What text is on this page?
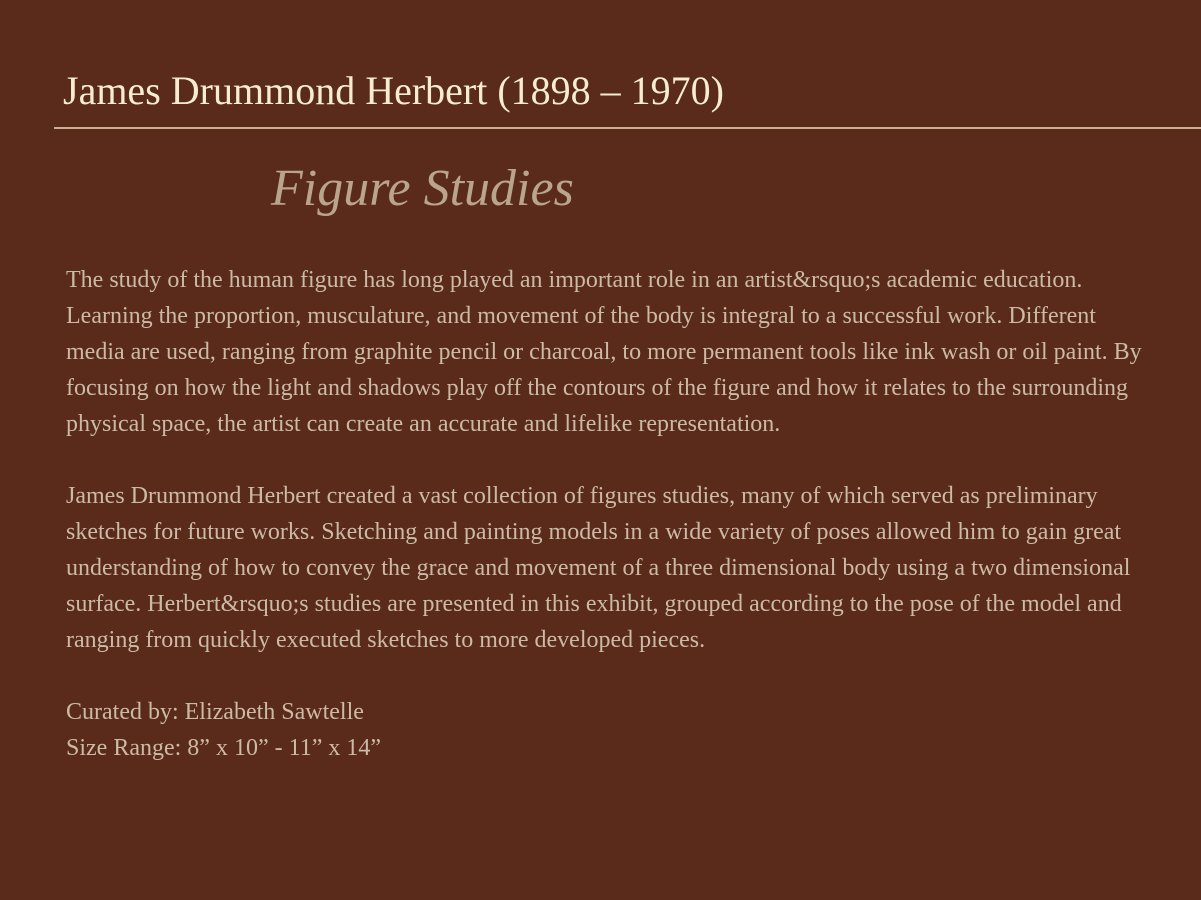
James Drummond Herbert (1898 – 1970)
Figure Studies

The study of the human figure has long played an important role in an artist&rsquo;s academic education. Learning the proportion, musculature, and movement of the body is integral to a successful work. Different media are used, ranging from graphite pencil or charcoal, to more permanent tools like ink wash or oil paint. By focusing on how the light and shadows play off the contours of the figure and how it relates to the surrounding physical space, the artist can create an accurate and lifelike representation.

James Drummond Herbert created a vast collection of figures studies, many of which served as preliminary sketches for future works. Sketching and painting models in a wide variety of poses allowed him to gain great understanding of how to convey the grace and movement of a three dimensional body using a two dimensional surface. Herbert&rsquo;s studies are presented in this exhibit, grouped according to the pose of the model and ranging from quickly executed sketches to more developed pieces.

Curated by: Elizabeth Sawtelle

Size Range: 8” x 10” - 11” x 14”
